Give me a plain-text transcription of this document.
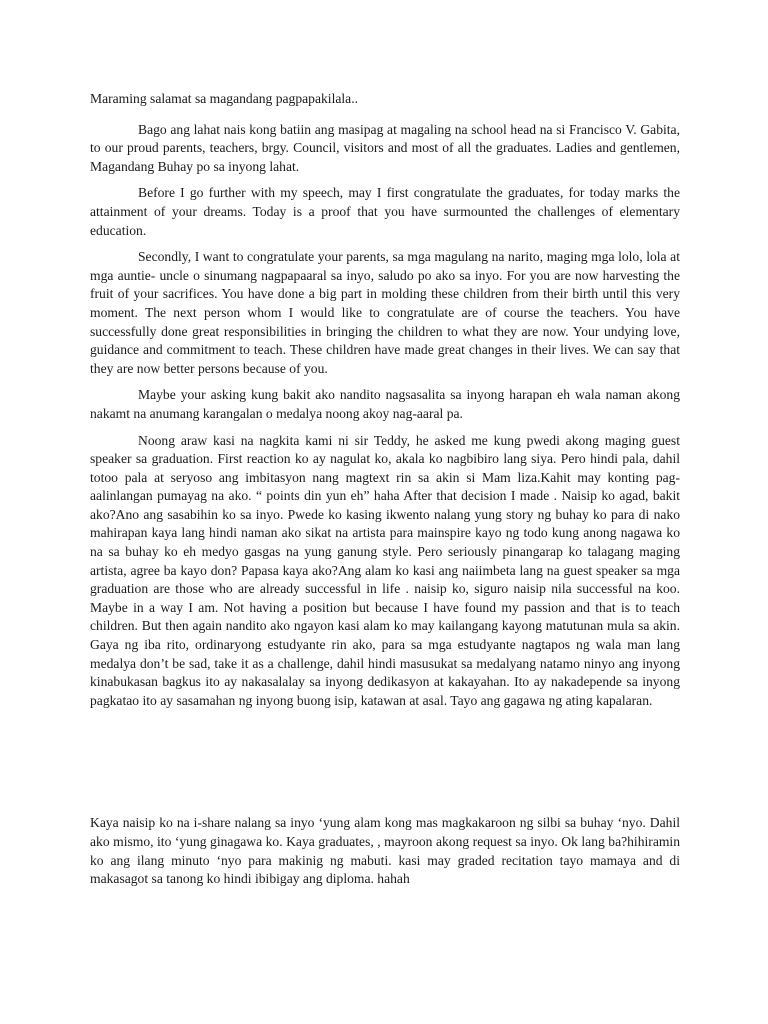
Maraming salamat sa magandang pagpapakilala..

Bago ang lahat nais kong batiin ang masipag at magaling na school head na si Francisco V. Gabita, to our proud parents, teachers, brgy. Council, visitors and most of all the graduates. Ladies and gentlemen, Magandang Buhay po sa inyong lahat.

Before I go further with my speech, may I first congratulate the graduates, for today marks the attainment of your dreams. Today is a proof that you have surmounted the challenges of elementary education.

Secondly, I want to congratulate your parents, sa mga magulang na narito, maging mga lolo, lola at mga auntie- uncle o sinumang nagpapaaral sa inyo, saludo po ako sa inyo. For you are now harvesting the fruit of your sacrifices. You have done a big part in molding these children from their birth until this very moment. The next person whom I would like to congratulate are of course the teachers. You have successfully done great responsibilities in bringing the children to what they are now. Your undying love, guidance and commitment to teach. These children have made great changes in their lives. We can say that they are now better persons because of you.

Maybe your asking kung bakit ako nandito nagsasalita sa inyong harapan eh wala naman akong nakamt na anumang karangalan o medalya noong akoy nag-aaral pa.

Noong araw kasi na nagkita kami ni sir Teddy, he asked me kung pwedi akong maging guest speaker sa graduation. First reaction ko ay nagulat ko, akala ko nagbibiro lang siya. Pero hindi pala, dahil totoo pala at seryoso ang imbitasyon nang magtext rin sa akin si Mam liza.Kahit may konting pag-aalinlangan pumayag na ako. “ points din yun eh” haha After that decision I made . Naisip ko agad, bakit ako?Ano ang sasabihin ko sa inyo. Pwede ko kasing ikwento nalang yung story ng buhay ko para di nako mahirapan kaya lang hindi naman ako sikat na artista para mainspire kayo ng todo kung anong nagawa ko na sa buhay ko eh medyo gasgas na yung ganung style. Pero seriously pinangarap ko talagang maging artista, agree ba kayo don? Papasa kaya ako?Ang alam ko kasi ang naiimbeta lang na guest speaker sa mga graduation are those who are already successful in life . naisip ko, siguro naisip nila successful na koo. Maybe in a way I am. Not having a position but because I have found my passion and that is to teach children. But then again nandito ako ngayon kasi alam ko may kailangang kayong matutunan mula sa akin. Gaya ng iba rito, ordinaryong estudyante rin ako, para sa mga estudyante nagtapos ng wala man lang medalya don’t be sad, take it as a challenge, dahil hindi masusukat sa medalyang natamo ninyo ang inyong kinabukasan bagkus ito ay nakasalalay sa inyong dedikasyon at kakayahan. Ito ay nakadepende sa inyong pagkatao ito ay sasamahan ng inyong buong isip, katawan at asal. Tayo ang gagawa ng ating kapalaran.

Kaya naisip ko na i-share nalang sa inyo ‘yung alam kong mas magkakaroon ng silbi sa buhay ‘nyo. Dahil ako mismo, ito ‘yung ginagawa ko. Kaya graduates, , mayroon akong request sa inyo. Ok lang ba?hihiramin ko ang ilang minuto ‘nyo para makinig ng mabuti. kasi may graded recitation tayo mamaya and di makasagot sa tanong ko hindi ibibigay ang diploma. hahah
